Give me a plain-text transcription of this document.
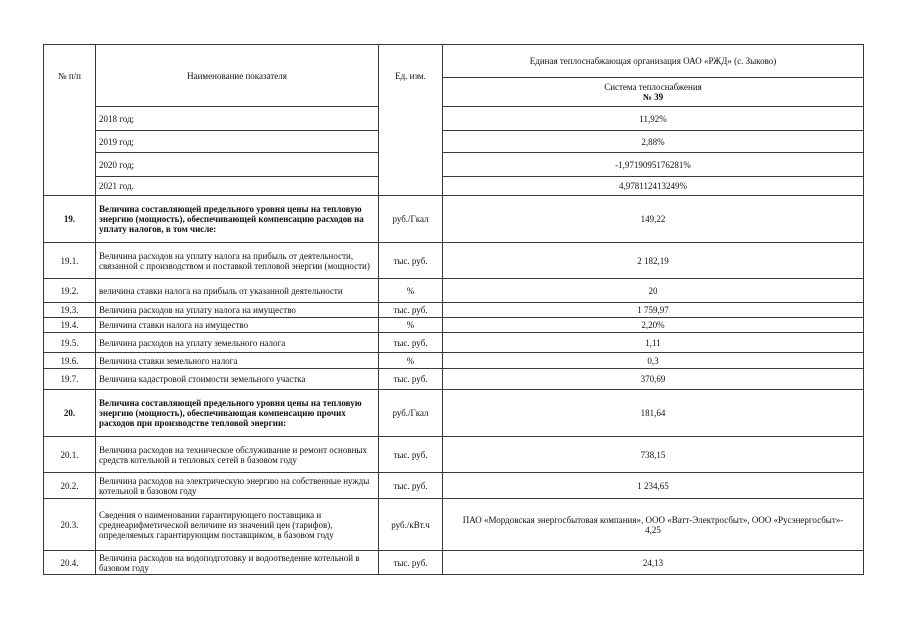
№ п/п	Наименование показателя	Ед. изм.	Единая теплоснабжающая организация ОАО «РЖД» (с. Зыково)

			Система теплоснабжения
№ 39

	2018 год;		11,92%
	2019 год;		2,88%
	2020 год;		-1,9719095176281%
	2021 год.		4,978112413249%
19.	Величина составляющей предельного уровня цены на тепловую энергию (мощность), обеспечивающей компенсацию расходов на уплату налогов, в том числе:	руб./Гкал	149,22
19.1.	Величина расходов на уплату налога на прибыль от деятельности, связанной с производством и поставкой тепловой энергии (мощности)	тыс. руб.	2 182,19
19.2.	величина ставки налога на прибыль от указанной деятельности	%	20
19.3.	Величина расходов на уплату налога на имущество	тыс. руб.	1 759,97
19.4.	Величина ставки налога на имущество	%	2,20%
19.5.	Величина расходов на уплату земельного налога	тыс. руб.	1,11
19.6.	Величина ставки земельного налога	%	0,3
19.7.	Величина кадастровой стоимости земельного участка	тыс. руб.	370,69
20.	Величина составляющей предельного уровня цены на тепловую энергию (мощность), обеспечивающая компенсацию прочих расходов при производстве тепловой энергии:	руб./Гкал	181,64
20.1.	Величина расходов на техническое обслуживание и ремонт основных средств котельной и тепловых сетей в базовом году	тыс. руб.	738,15
20.2.	Величина расходов на электрическую энергию на собственные нужды котельной в базовом году	тыс. руб.	1 234,65
20.3.	Сведения о наименовании гарантирующего поставщика и среднеарифметической величине из значений цен (тарифов), определяемых гарантирующим поставщиком, в базовом году	руб./кВт.ч	ПАО «Мордовская энергосбытовая компания», ООО «Ватт-Электросбыт», ООО «Русэнергосбыт»- 4,25
20.4.	Величина расходов на водоподготовку и водоотведение котельной в базовом году	тыс. руб.	24,13
